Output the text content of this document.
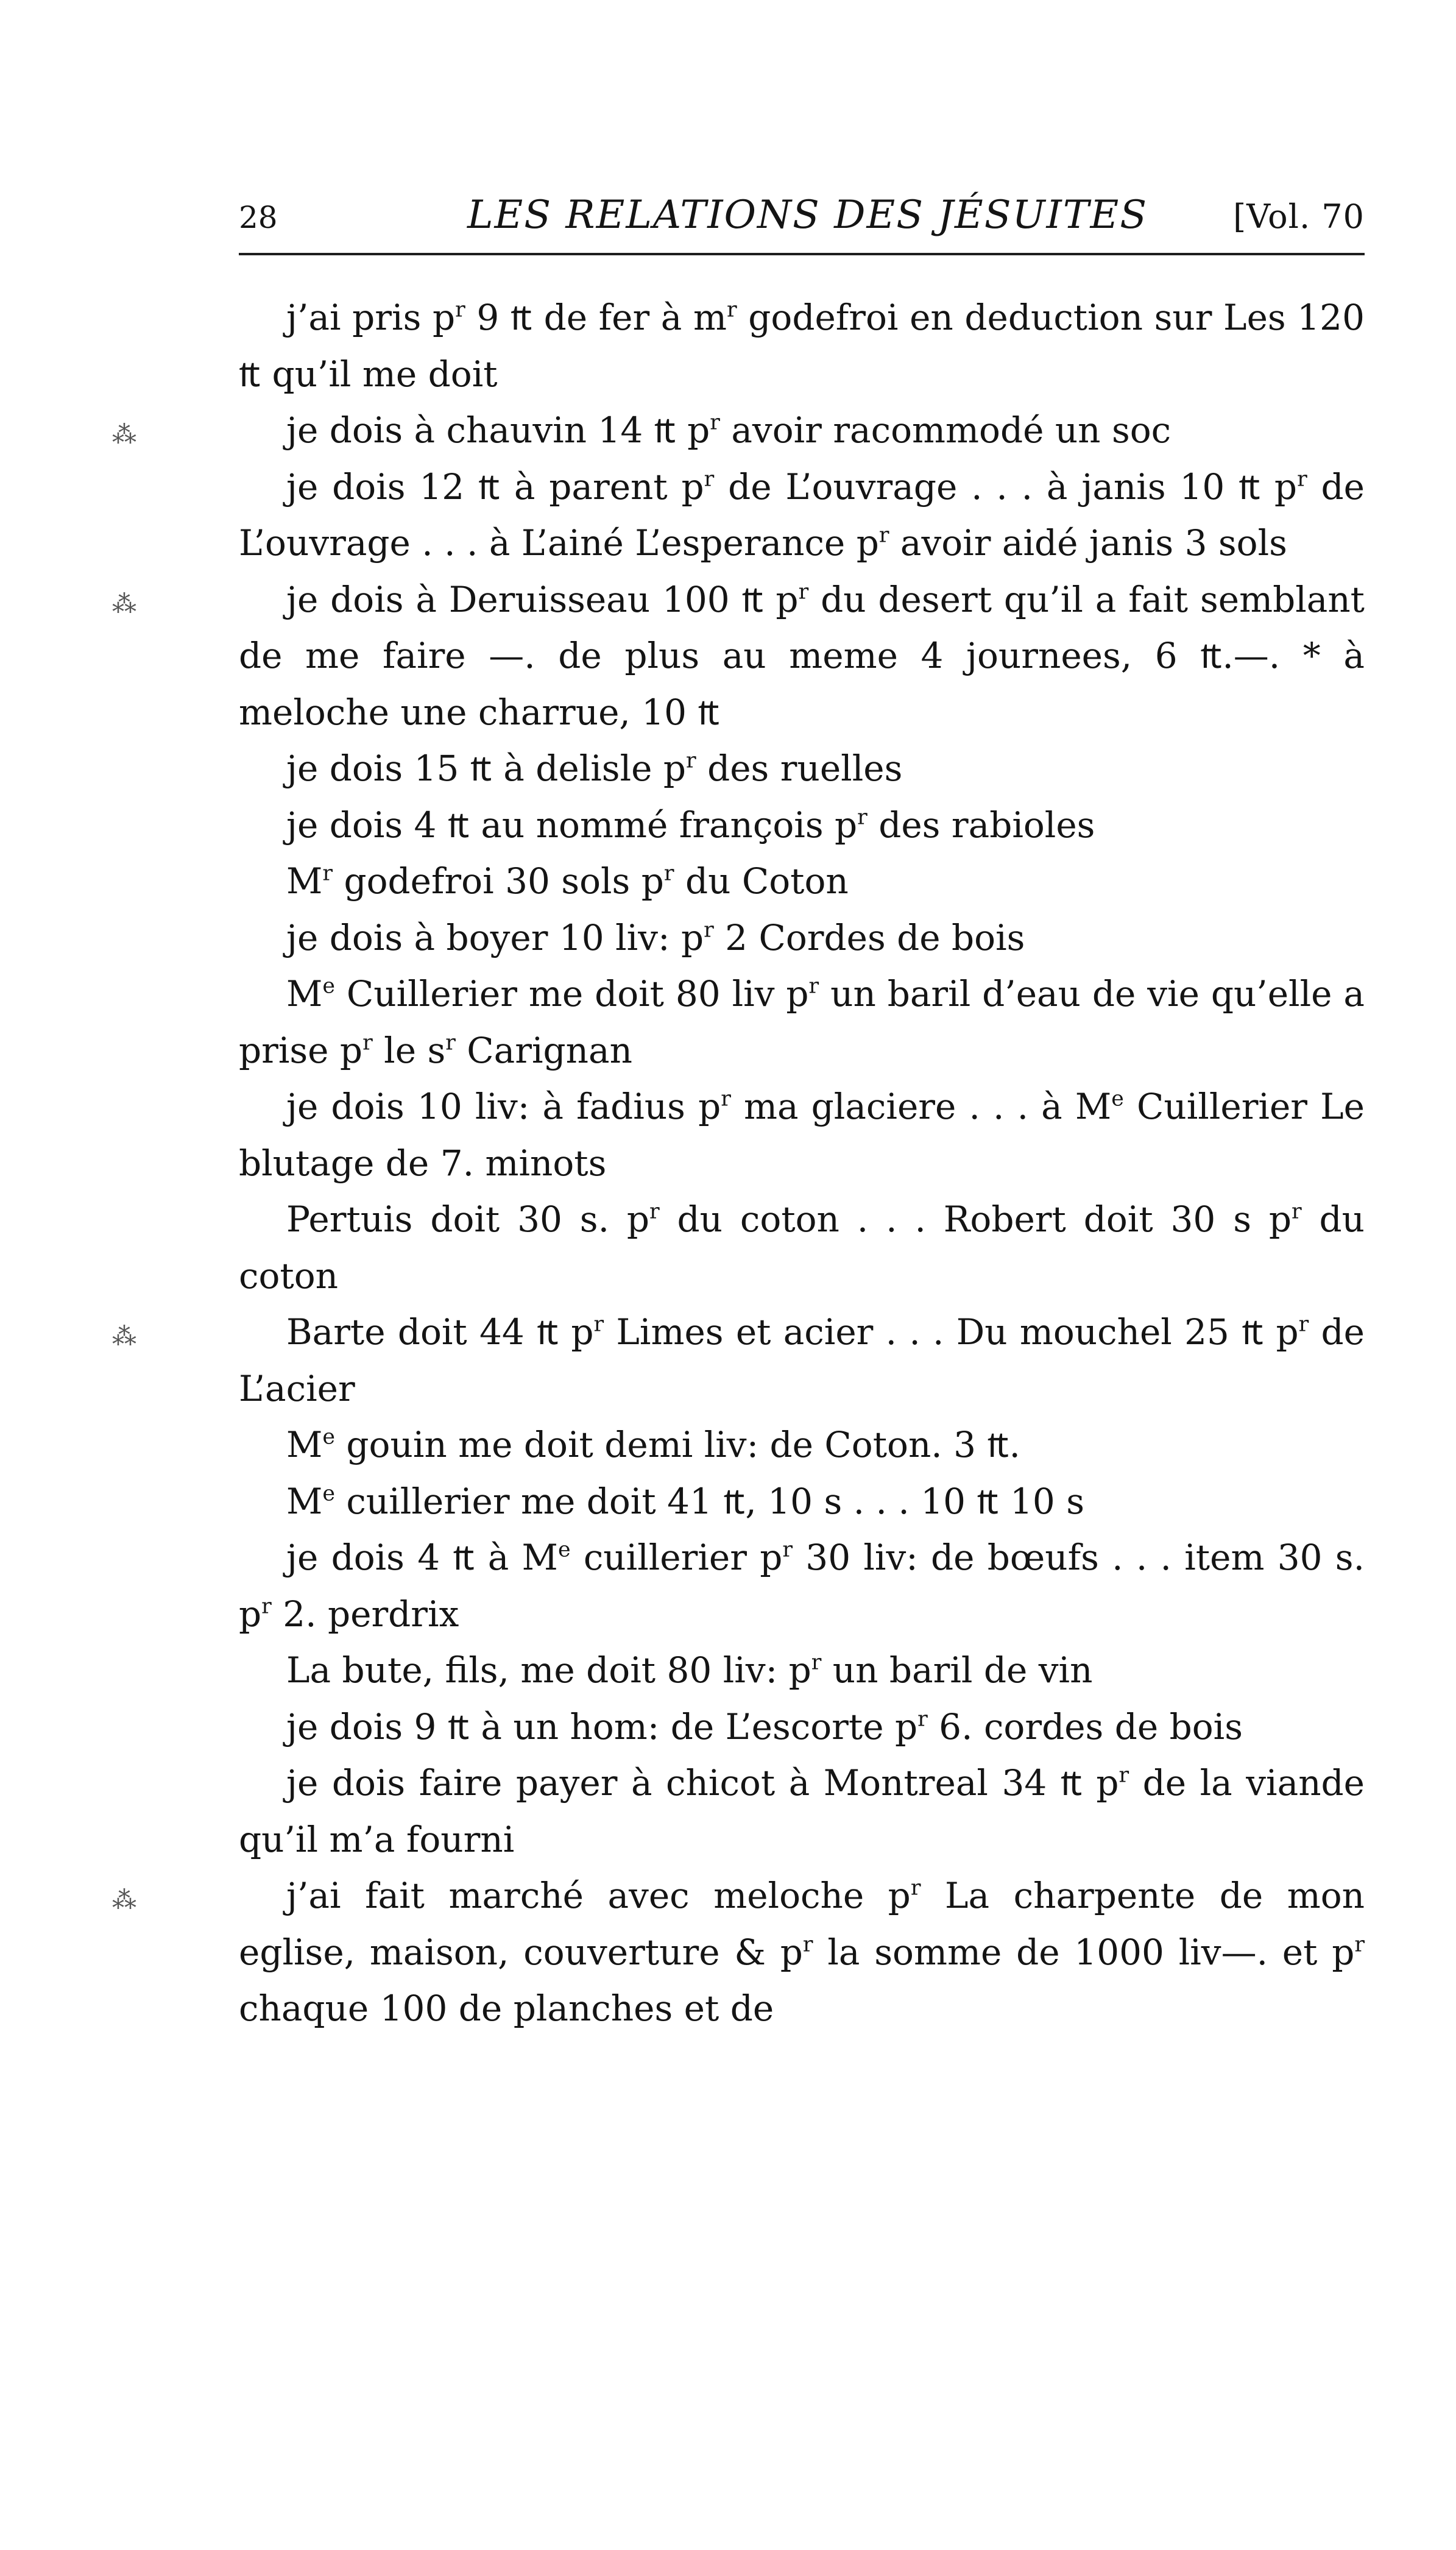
28	LES RELATIONS DES JÉSUITES	[Vol. 70

j’ai pris $p^r$ 9 ₶ de fer à $m^r$ godefroi en deduction sur Les 120 ₶ qu’il me doit

⁂	je dois à chauvin 14 ₶ $p^r$ avoir racommodé un soc

je dois 12 ₶ à parent $p^r$ de L’ouvrage . . . à janis 10 ₶ $p^r$ de L’ouvrage . . . à L’ainé L’esperance $p^r$ avoir aidé janis 3 sols

⁂	je dois à Deruisseau 100 ₶ $p^r$ du desert qu’il a fait semblant de me faire —. de plus au meme 4 journees, 6 ₶.—. * à meloche une charrue, 10 ₶

je dois 15 ₶ à delisle $p^r$ des ruelles

je dois 4 ₶ au nommé françois $p^r$ des rabioles

$M^r$ godefroi 30 sols $p^r$ du Coton

je dois à boyer 10 liv: $p^r$ 2 Cordes de bois

Me Cuillerier me doit 80 liv $p^r$ un baril d’eau de vie qu’elle a prise $p^r$ le $s^r$ Carignan

je dois 10 liv: à fadius $p^r$ ma glaciere . . . à Me Cuillerier Le blutage de 7. minots

Pertuis doit 30 s. $p^r$ du coton . . . Robert doit 30 s $p^r$ du coton

⁂	Barte doit 44 ₶ $p^r$ Limes et acier . . . Du mouchel 25 ₶ $p^r$ de L’acier

Me gouin me doit demi liv: de Coton. 3 ₶.

Me cuillerier me doit 41 ₶, 10 s . . . 10 ₶ 10 s

je dois 4 ₶ à Me cuillerier $p^r$ 30 liv: de bœufs . . . item 30 s. $p^r$ 2. perdrix

La bute, fils, me doit 80 liv: $p^r$ un baril de vin

je dois 9 ₶ à un hom: de L’escorte $p^r$ 6. cordes de bois

je dois faire payer à chicot à Montreal 34 ₶ $p^r$ de la viande qu’il m’a fourni

⁂	j’ai fait marché avec meloche $p^r$ La charpente de mon eglise, maison, couverture & $p^r$ la somme de 1000 liv—. et $p^r$ chaque 100 de planches et de
